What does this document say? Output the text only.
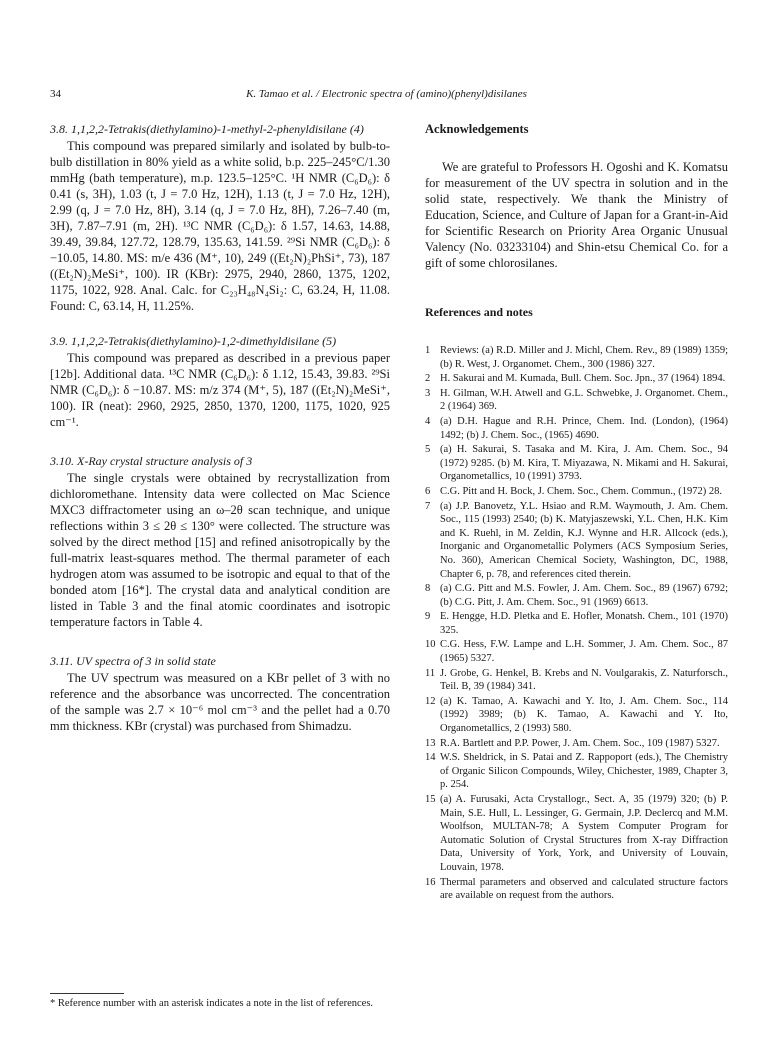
34	K. Tamao et al. / Electronic spectra of (amino)(phenyl)disilanes
3.8. 1,1,2,2-Tetrakis(diethylamino)-1-methyl-2-phenyldisilane (4)

This compound was prepared similarly and isolated by bulb-to-bulb distillation in 80% yield as a white solid, b.p. 225–245°C/1.30 mmHg (bath temperature), m.p. 123.5–125°C. ¹H NMR (C₆D₆): δ 0.41 (s, 3H), 1.03 (t, J = 7.0 Hz, 12H), 1.13 (t, J = 7.0 Hz, 12H), 2.99 (q, J = 7.0 Hz, 8H), 3.14 (q, J = 7.0 Hz, 8H), 7.26–7.40 (m, 3H), 7.87–7.91 (m, 2H). ¹³C NMR (C₆D₆): δ 1.57, 14.63, 14.88, 39.49, 39.84, 127.72, 128.79, 135.63, 141.59. ²⁹Si NMR (C₆D₆): δ −10.05, 14.80. MS: m/e 436 (M⁺, 10), 249 ((Et₂N)₂PhSi⁺, 73), 187 ((Et₂N)₂MeSi⁺, 100). IR (KBr): 2975, 2940, 2860, 1375, 1202, 1175, 1022, 928. Anal. Calc. for C₂₃H₄₈N₄Si₂: C, 63.24, H, 11.08. Found: C, 63.14, H, 11.25%.

3.9. 1,1,2,2-Tetrakis(diethylamino)-1,2-dimethyldisilane (5)

This compound was prepared as described in a previous paper [12b]. Additional data. ¹³C NMR (C₆D₆): δ 1.12, 15.43, 39.83. ²⁹Si NMR (C₆D₆): δ −10.87. MS: m/z 374 (M⁺, 5), 187 ((Et₂N)₂MeSi⁺, 100). IR (neat): 2960, 2925, 2850, 1370, 1200, 1175, 1020, 925 cm⁻¹.

3.10. X-Ray crystal structure analysis of 3

The single crystals were obtained by recrystallization from dichloromethane. Intensity data were collected on Mac Science MXC3 diffractometer using an ω–2θ scan technique, and unique reflections within 3 ≤ 2θ ≤ 130° were collected. The structure was solved by the direct method [15] and refined anisotropically by the full-matrix least-squares method. The thermal parameter of each hydrogen atom was assumed to be isotropic and equal to that of the bonded atom [16*]. The crystal data and analytical condition are listed in Table 3 and the final atomic coordinates and isotropic temperature factors in Table 4.

3.11. UV spectra of 3 in solid state

The UV spectrum was measured on a KBr pellet of 3 with no reference and the absorbance was uncorrected. The concentration of the sample was 2.7 × 10⁻⁶ mol cm⁻³ and the pellet had a 0.70 mm thickness. KBr (crystal) was purchased from Shimadzu.

* Reference number with an asterisk indicates a note in the list of references.
Acknowledgements

We are grateful to Professors H. Ogoshi and K. Komatsu for measurement of the UV spectra in solution and in the solid state, respectively. We thank the Ministry of Education, Science, and Culture of Japan for a Grant-in-Aid for Scientific Research on Priority Area Organic Unusual Valency (No. 03233104) and Shin-etsu Chemical Co. for a gift of some chlorosilanes.

References and notes
1 Reviews: (a) R.D. Miller and J. Michl, Chem. Rev., 89 (1989) 1359; (b) R. West, J. Organomet. Chem., 300 (1986) 327.
2 H. Sakurai and M. Kumada, Bull. Chem. Soc. Jpn., 37 (1964) 1894.
3 H. Gilman, W.H. Atwell and G.L. Schwebke, J. Organomet. Chem., 2 (1964) 369.
4 (a) D.H. Hague and R.H. Prince, Chem. Ind. (London), (1964) 1492; (b) J. Chem. Soc., (1965) 4690.
5 (a) H. Sakurai, S. Tasaka and M. Kira, J. Am. Chem. Soc., 94 (1972) 9285. (b) M. Kira, T. Miyazawa, N. Mikami and H. Sakurai, Organometallics, 10 (1991) 3793.
6 C.G. Pitt and H. Bock, J. Chem. Soc., Chem. Commun., (1972) 28.
7 (a) J.P. Banovetz, Y.L. Hsiao and R.M. Waymouth, J. Am. Chem. Soc., 115 (1993) 2540; (b) K. Matyjaszewski, Y.L. Chen, H.K. Kim and K. Ruehl, in M. Zeldin, K.J. Wynne and H.R. Allcock (eds.), Inorganic and Organometallic Polymers (ACS Symposium Series, No. 360), American Chemical Society, Washington, DC, 1988, Chapter 6, p. 78, and references cited therein.
8 (a) C.G. Pitt and M.S. Fowler, J. Am. Chem. Soc., 89 (1967) 6792; (b) C.G. Pitt, J. Am. Chem. Soc., 91 (1969) 6613.
9 E. Hengge, H.D. Pletka and E. Hofler, Monatsh. Chem., 101 (1970) 325.
10 C.G. Hess, F.W. Lampe and L.H. Sommer, J. Am. Chem. Soc., 87 (1965) 5327.
11 J. Grobe, G. Henkel, B. Krebs and N. Voulgarakis, Z. Naturforsch., Teil. B, 39 (1984) 341.
12 (a) K. Tamao, A. Kawachi and Y. Ito, J. Am. Chem. Soc., 114 (1992) 3989; (b) K. Tamao, A. Kawachi and Y. Ito, Organometallics, 2 (1993) 580.
13 R.A. Bartlett and P.P. Power, J. Am. Chem. Soc., 109 (1987) 5327.
14 W.S. Sheldrick, in S. Patai and Z. Rappoport (eds.), The Chemistry of Organic Silicon Compounds, Wiley, Chichester, 1989, Chapter 3, p. 254.
15 (a) A. Furusaki, Acta Crystallogr., Sect. A, 35 (1979) 320; (b) P. Main, S.E. Hull, L. Lessinger, G. Germain, J.P. Declercq and M.M. Woolfson, MULTAN-78; A System Computer Program for Automatic Solution of Crystal Structures from X-ray Diffraction Data, University of York, York, and University of Louvain, Louvain, 1978.
16 Thermal parameters and observed and calculated structure factors are available on request from the authors.
